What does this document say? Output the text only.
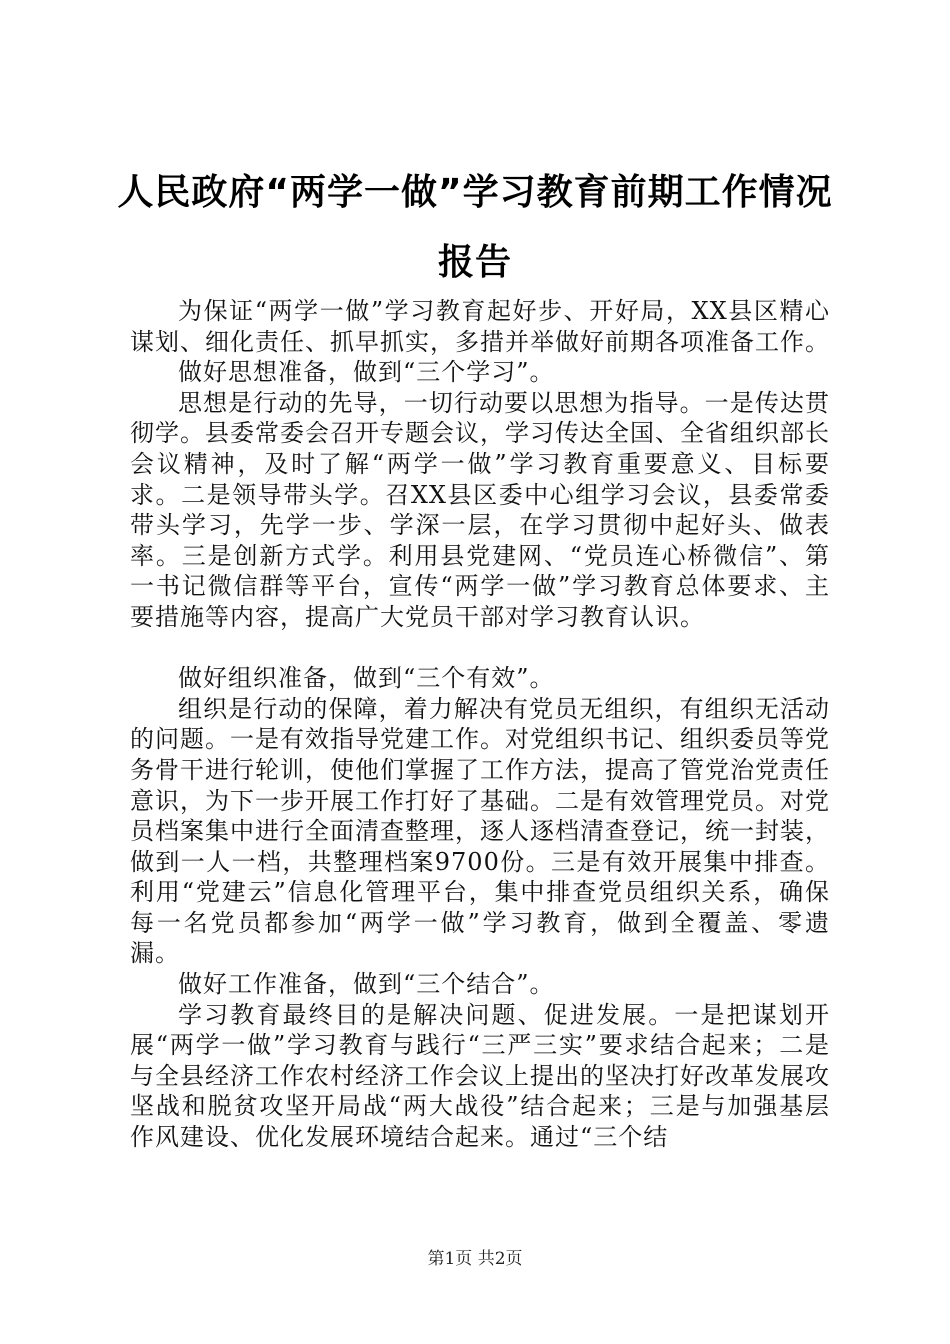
人民政府“两学一做”学习教育前期工作情况报告

为保证“两学一做”学习教育起好步、开好局，XX县区精心谋划、细化责任、抓早抓实，多措并举做好前期各项准备工作。

做好思想准备，做到“三个学习”。

思想是行动的先导，一切行动要以思想为指导。一是传达贯彻学。县委常委会召开专题会议，学习传达全国、全省组织部长会议精神，及时了解“两学一做”学习教育重要意义、目标要求。二是领导带头学。召XX县区委中心组学习会议，县委常委带头学习，先学一步、学深一层，在学习贯彻中起好头、做表率。三是创新方式学。利用县党建网、“党员连心桥微信”、第一书记微信群等平台，宣传“两学一做”学习教育总体要求、主要措施等内容，提高广大党员干部对学习教育认识。

做好组织准备，做到“三个有效”。

组织是行动的保障，着力解决有党员无组织，有组织无活动的问题。一是有效指导党建工作。对党组织书记、组织委员等党务骨干进行轮训，使他们掌握了工作方法，提高了管党治党责任意识，为下一步开展工作打好了基础。二是有效管理党员。对党员档案集中进行全面清查整理，逐人逐档清查登记，统一封装，做到一人一档，共整理档案9700份。三是有效开展集中排查。利用“党建云”信息化管理平台，集中排查党员组织关系，确保每一名党员都参加“两学一做”学习教育，做到全覆盖、零遗漏。

做好工作准备，做到“三个结合”。

学习教育最终目的是解决问题、促进发展。一是把谋划开展“两学一做”学习教育与践行“三严三实”要求结合起来；二是与全县经济工作农村经济工作会议上提出的坚决打好改革发展攻坚战和脱贫攻坚开局战“两大战役”结合起来；三是与加强基层作风建设、优化发展环境结合起来。通过“三个结

第1页 共2页
